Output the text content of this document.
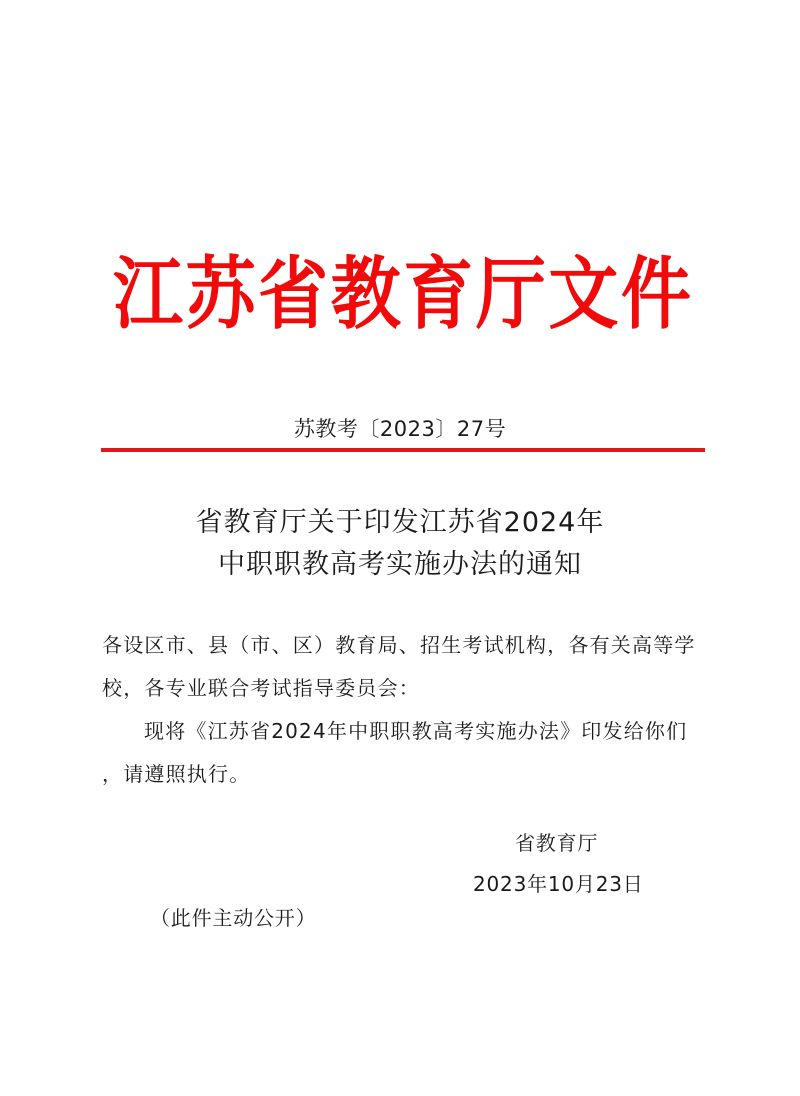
江 苏 省 教 育 厅 文 件
苏教考〔2023〕27号
省教育厅关于印发江苏省2024年
中职职教高考实施办法的通知
各设区市、县（市、区）教育局、招生考试机构，各有关高等学
校，各专业联合考试指导委员会：
现将《江苏省2024年中职职教高考实施办法》印发给你们
，请遵照执行。
省教育厅
2023年10月23日
（此件主动公开）
